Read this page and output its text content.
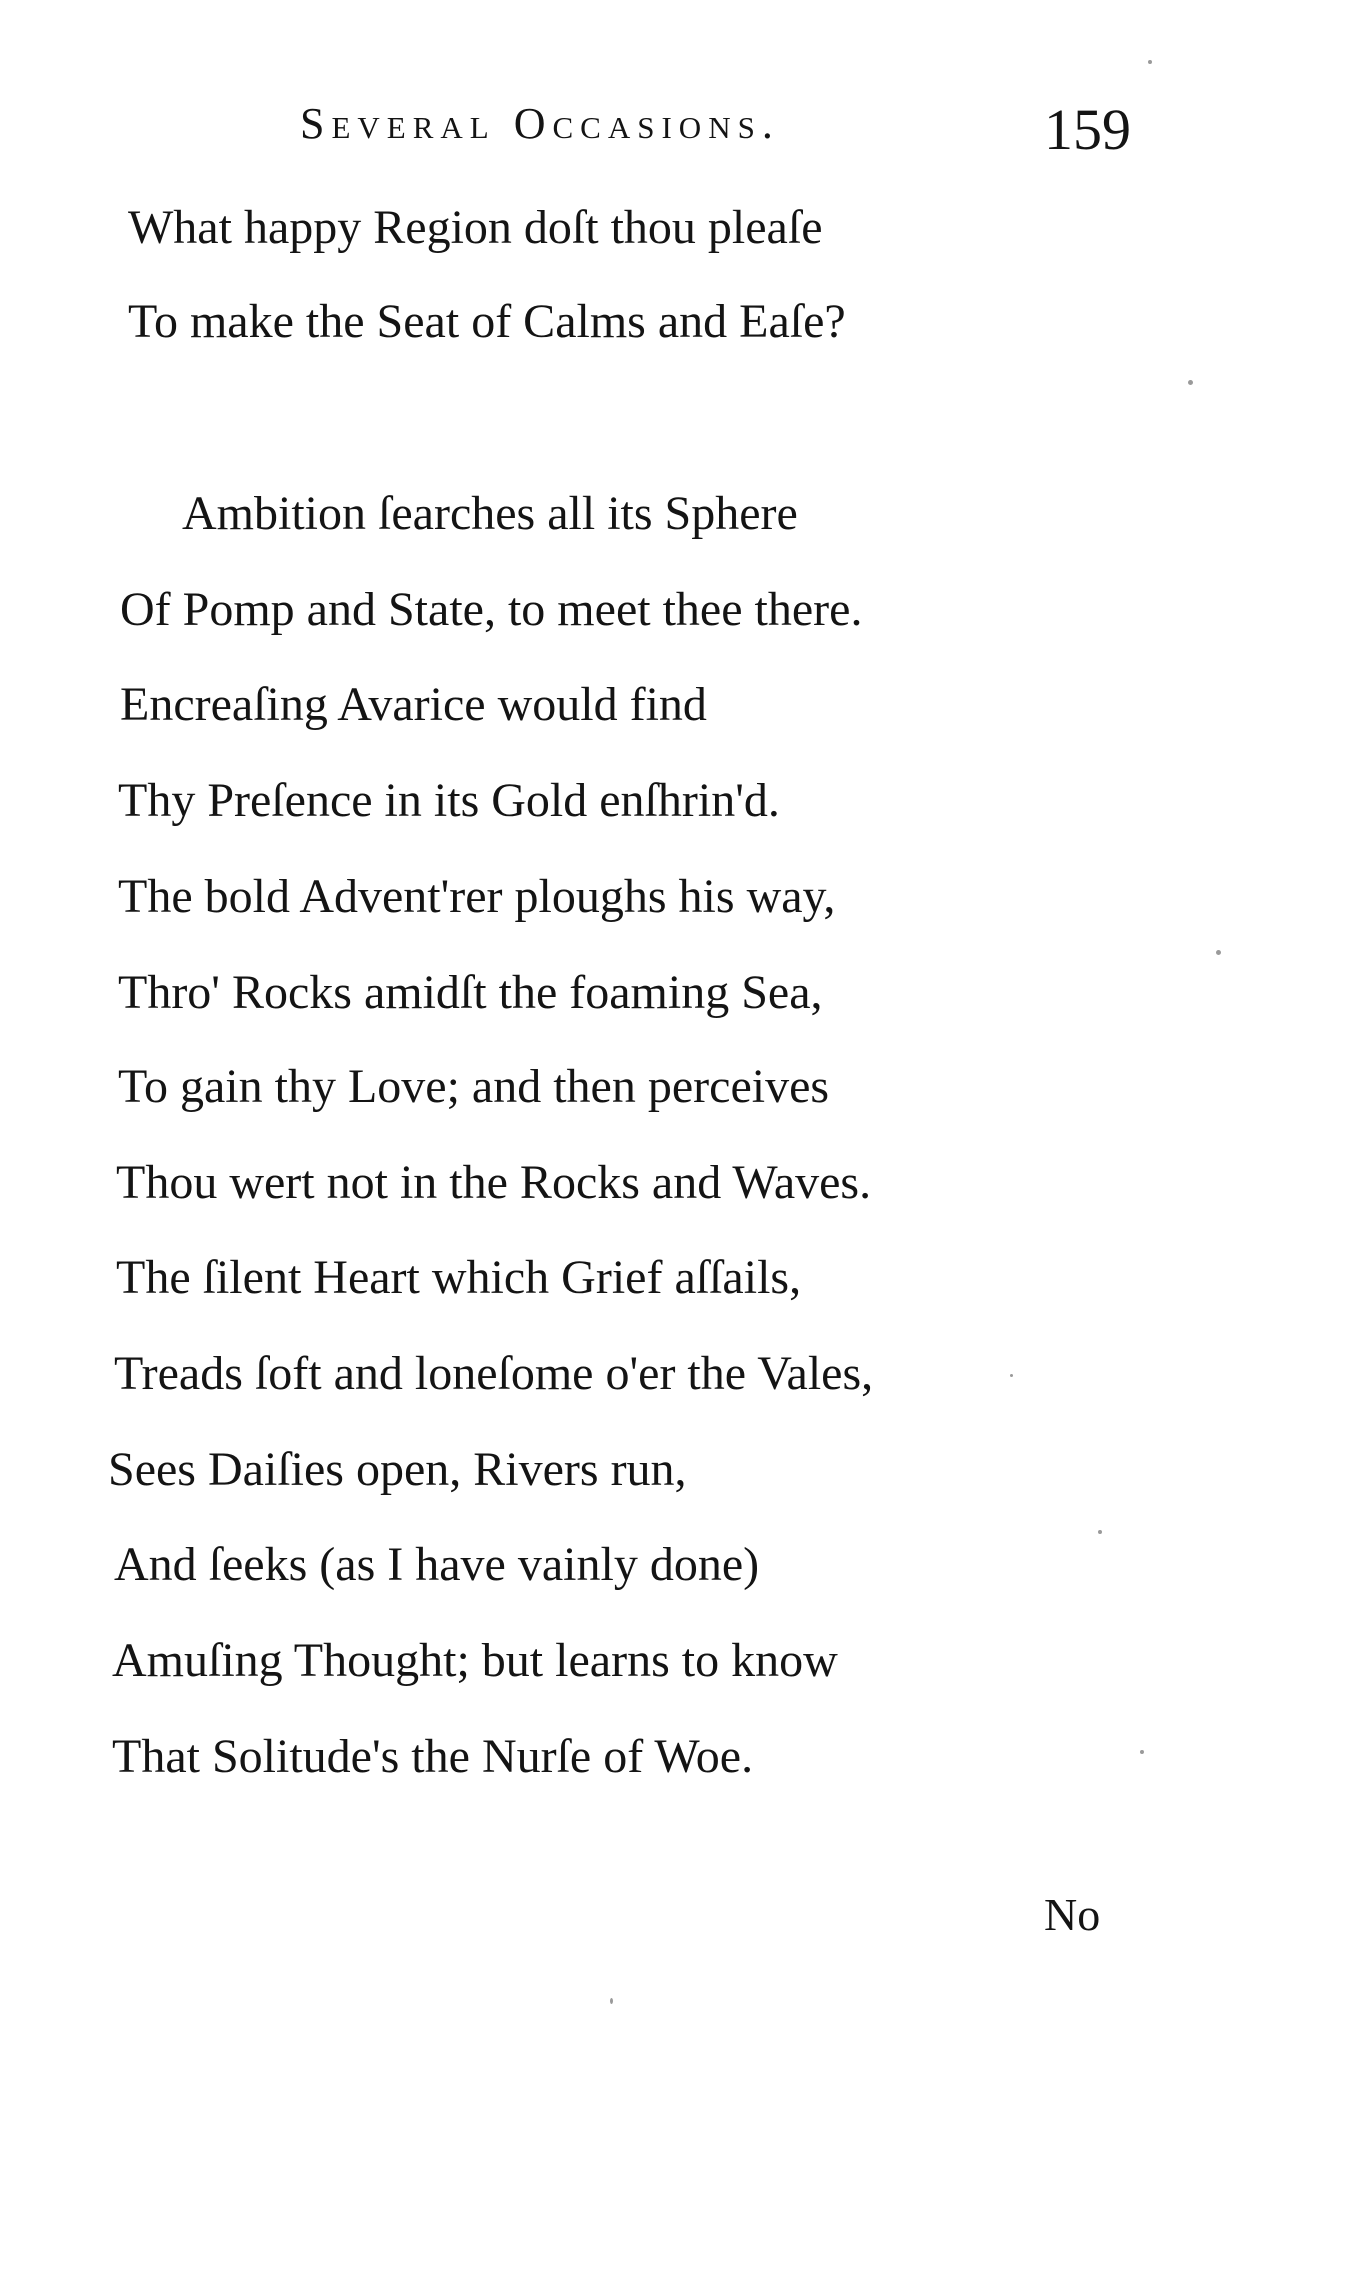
Several Occasions.	159
What happy Region doſt thou pleaſe
To make the Seat of Calms and Eaſe?
Ambition ſearches all its Sphere
Of Pomp and State, to meet thee there.
Encreaſing Avarice would find
Thy Preſence in its Gold enſhrin'd.
The bold Advent'rer ploughs his way,
Thro' Rocks amidſt the foaming Sea,
To gain thy Love; and then perceives
Thou wert not in the Rocks and Waves.
The ſilent Heart which Grief aſſails,
Treads ſoft and loneſome o'er the Vales,
Sees Daiſies open, Rivers run,
And ſeeks (as I have vainly done)
Amuſing Thought; but learns to know
That Solitude's the Nurſe of Woe.
No
